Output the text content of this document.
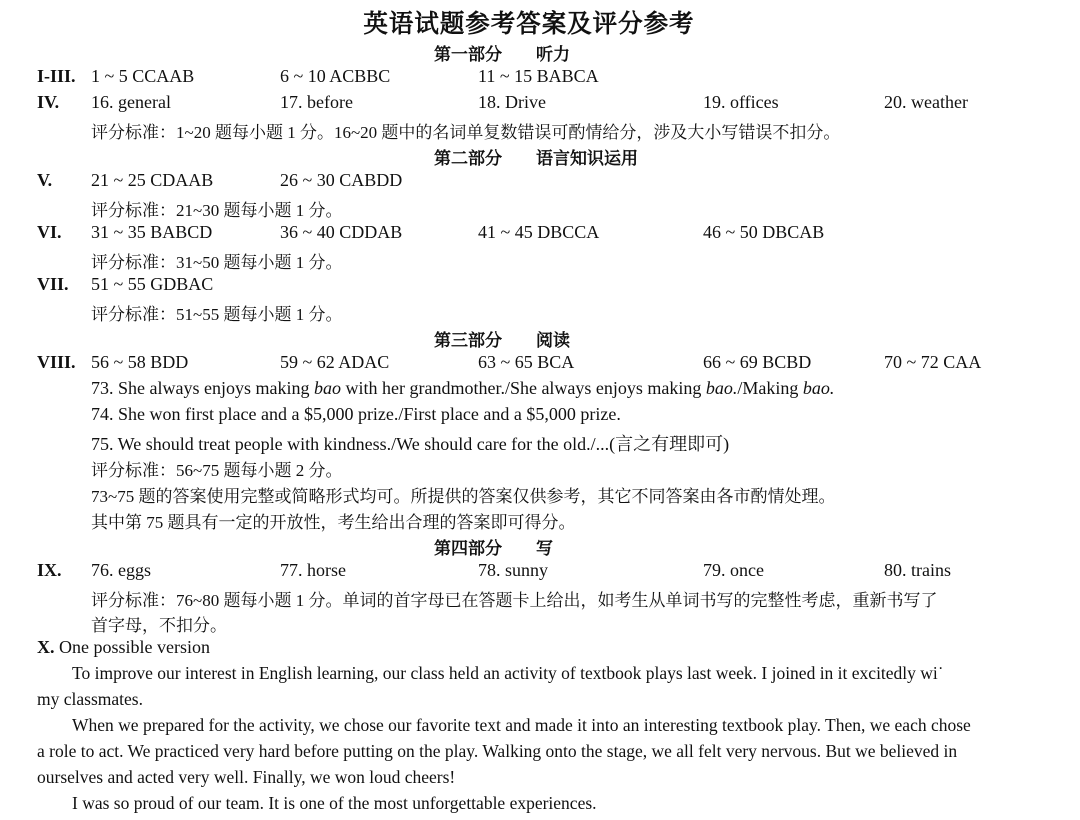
英语试题参考答案及评分参考
第一部分　　听力
I-III. 1 ~ 5 CCAAB	6 ~ 10 ACBBC	11 ~ 15 BABCA
IV. 16. general	17. before	18. Drive	19. offices	20. weather
评分标准：1~20 题每小题 1 分。16~20 题中的名词单复数错误可酌情给分，涉及大小写错误不扣分。
第二部分　　语言知识运用
V. 21 ~ 25 CDAAB	26 ~ 30 CABDD
评分标准：21~30 题每小题 1 分。
VI. 31 ~ 35 BABCD	36 ~ 40 CDDAB	41 ~ 45 DBCCA	46 ~ 50 DBCAB
评分标准：31~50 题每小题 1 分。
VII. 51 ~ 55 GDBAC
评分标准：51~55 题每小题 1 分。
第三部分　　阅读
VIII. 56 ~ 58 BDD	59 ~ 62 ADAC	63 ~ 65 BCA	66 ~ 69 BCBD	70 ~ 72 CAA
73. She always enjoys making bao with her grandmother./She always enjoys making bao./Making bao.
74. She won first place and a $5,000 prize./First place and a $5,000 prize.
75. We should treat people with kindness./We should care for the old./...(言之有理即可)
评分标准：56~75 题每小题 2 分。
73~75 题的答案使用完整或简略形式均可。所提供的答案仅供参考，其它不同答案由各市酌情处理。
其中第 75 题具有一定的开放性，考生给出合理的答案即可得分。
第四部分　　写
IX. 76. eggs	77. horse	78. sunny	79. once	80. trains
评分标准：76~80 题每小题 1 分。单词的首字母已在答题卡上给出，如考生从单词书写的完整性考虑，重新书写了
首字母，不扣分。
X. One possible version
To improve our interest in English learning, our class held an activity of textbook plays last week. I joined in it excitedly wi˙
my classmates.
When we prepared for the activity, we chose our favorite text and made it into an interesting textbook play. Then, we each chose
a role to act. We practiced very hard before putting on the play. Walking onto the stage, we all felt very nervous. But we believed in
ourselves and acted very well. Finally, we won loud cheers!
I was so proud of our team. It is one of the most unforgettable experiences.
